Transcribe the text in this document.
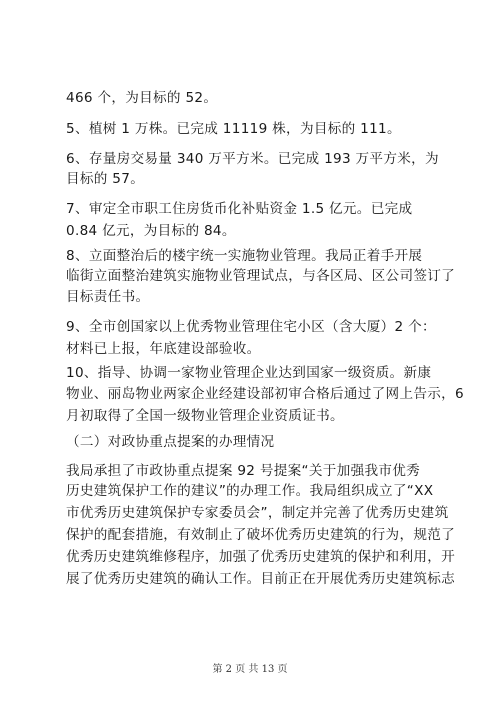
466 个，为目标的 52。
5、植树 1 万株。已完成 11119 株，为目标的 111。
6、存量房交易量 340 万平方米。已完成 193 万平方米，为
目标的 57。
7、审定全市职工住房货币化补贴资金 1.5 亿元。已完成
0.84 亿元，为目标的 84。
8、立面整治后的楼宇统一实施物业管理。我局正着手开展
临街立面整治建筑实施物业管理试点，与各区局、区公司签订了
目标责任书。
9、全市创国家以上优秀物业管理住宅小区（含大厦）2 个：
材料已上报，年底建设部验收。
10、指导、协调一家物业管理企业达到国家一级资质。新康
物业、丽岛物业两家企业经建设部初审合格后通过了网上告示，6
月初取得了全国一级物业管理企业资质证书。
（二）对政协重点提案的办理情况
我局承担了市政协重点提案 92 号提案“关于加强我市优秀
历史建筑保护工作的建议”的办理工作。我局组织成立了“XX
市优秀历史建筑保护专家委员会”，制定并完善了优秀历史建筑
保护的配套措施，有效制止了破坏优秀历史建筑的行为，规范了
优秀历史建筑维修程序，加强了优秀历史建筑的保护和利用，开
展了优秀历史建筑的确认工作。目前正在开展优秀历史建筑标志
第 2 页 共 13 页
